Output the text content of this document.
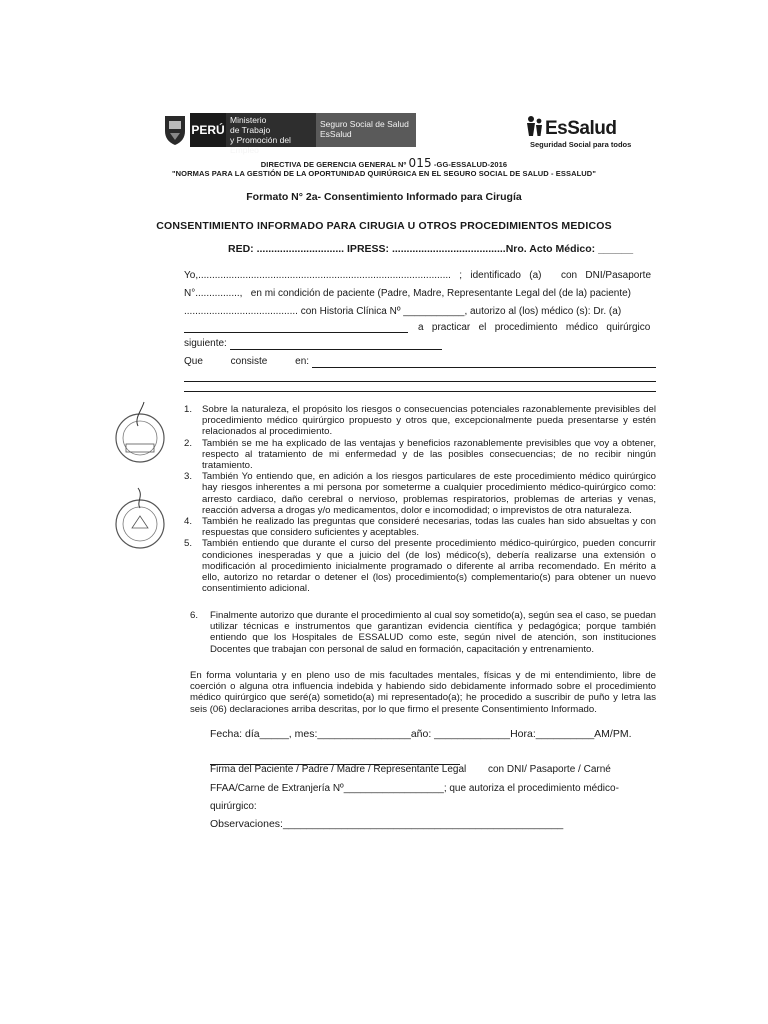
PERÚ
Ministerio
de Trabajo
y Promoción del Empleo
Seguro Social de Salud
EsSalud	EsSalud
Seguridad Social para todos
DIRECTIVA DE GERENCIA GENERAL Nº 015 -GG-ESSALUD-2016
"NORMAS PARA LA GESTIÓN DE LA OPORTUNIDAD QUIRÚRGICA EN EL SEGURO SOCIAL DE SALUD - ESSALUD"
Formato N° 2a- Consentimiento Informado para Cirugía
CONSENTIMIENTO INFORMADO PARA CIRUGIA U OTROS PROCEDIMIENTOS MEDICOS
RED: .............................. IPRESS: .......................................Nro. Acto Médico: ______
Yo,...........................................................................................   ;   identificado   (a)       con   DNI/Pasaporte
N°................,   en mi condición de paciente (Padre, Madre, Representante Legal del (de la) paciente)
......................................... con Historia Clínica Nº ___________, autorizo al (los) médico (s): Dr. (a)
a   practicar   el   procedimiento   médico   quirúrgico
siguiente:
Que          consiste          en:
1.	Sobre la naturaleza, el propósito los riesgos o consecuencias potenciales razonablemente previsibles del procedimiento médico quirúrgico propuesto y otros que, excepcionalmente pueda presentarse y estén relacionados al procedimiento.
2.	También se me ha explicado de las ventajas y beneficios razonablemente previsibles que voy a obtener, respecto al tratamiento de mi enfermedad y de las posibles consecuencias; de no recibir ningún tratamiento.
3.	También Yo entiendo que, en adición a los riesgos particulares de este procedimiento médico quirúrgico hay riesgos inherentes a mi persona por someterme a cualquier procedimiento médico-quirúrgico como: arresto cardiaco, daño cerebral o nervioso, problemas respiratorios, problemas de arterias y venas, reacción adversa a drogas y/o medicamentos, dolor e incomodidad; o imprevistos de otra naturaleza.
4.	También he realizado las preguntas que consideré necesarias, todas las cuales han sido absueltas y con respuestas que considero suficientes y aceptables.
5.	También entiendo que durante el curso del presente procedimiento médico-quirúrgico, pueden concurrir condiciones inesperadas y que a juicio del (de los) médico(s), debería realizarse una extensión o modificación al procedimiento inicialmente programado o diferente al arriba recomendado. En mérito a ello, autorizo no retardar o detener el (los) procedimiento(s) complementario(s) para obtener un nuevo consentimiento adicional.
6.	Finalmente autorizo que durante el procedimiento al cual soy sometido(a), según sea el caso, se puedan utilizar técnicas e instrumentos que garantizan evidencia científica y pedagógica; porque también entiendo que los Hospitales de ESSALUD como este, según nivel de atención, son instituciones Docentes que trabajan con personal de salud en formación, capacitación y entrenamiento.
En forma voluntaria y en pleno uso de mis facultades mentales, físicas y de mi entendimiento, libre de coerción o alguna otra influencia indebida y habiendo sido debidamente informado sobre el procedimiento médico quirúrgico que seré(a) sometido(a) mi representado(a); he procedido a suscribir de puño y letra las seis (06) declaraciones arriba descritas, por lo que firmo el presente Consentimiento Informado.
Fecha: día_____, mes:________________año: _____________Hora:__________AM/PM.
Firma del Paciente / Padre / Madre / Representante Legal con DNI/ Pasaporte / Carné
FFAA/Carne de Extranjería Nº__________________; que autoriza el procedimiento médico-
quirúrgico:
Observaciones:________________________________________________
